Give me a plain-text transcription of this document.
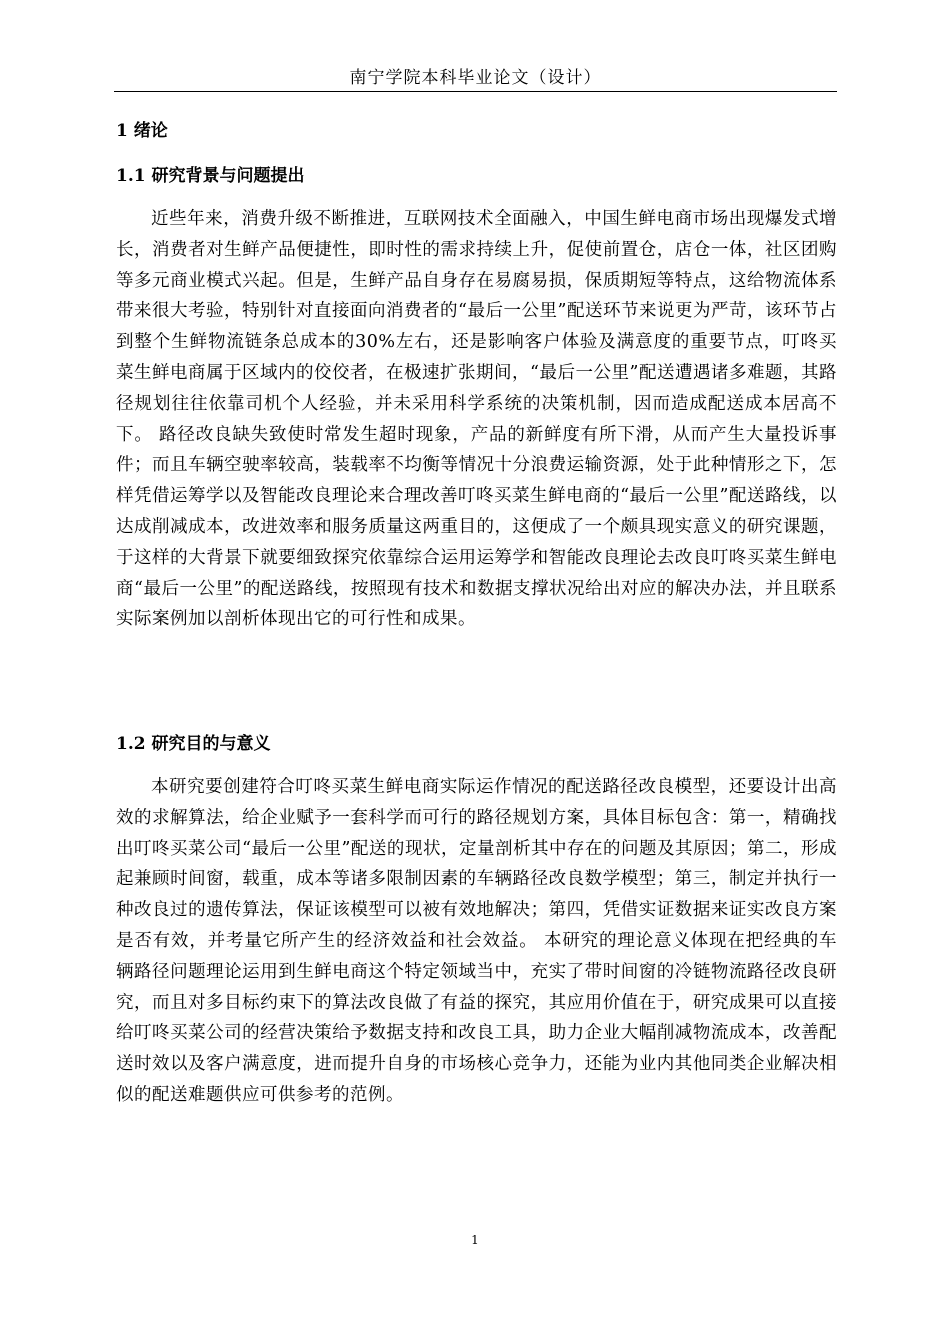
南宁学院本科毕业论文（设计）
1 绪论
1.1 研究背景与问题提出

近些年来，消费升级不断推进，互联网技术全面融入，中国生鲜电商市场出现爆发式增长，消费者对生鲜产品便捷性，即时性的需求持续上升，促使前置仓，店仓一体，社区团购等多元商业模式兴起。但是，生鲜产品自身存在易腐易损，保质期短等特点，这给物流体系带来很大考验，特别针对直接面向消费者的“最后一公里”配送环节来说更为严苛，该环节占到整个生鲜物流链条总成本的30%左右，还是影响客户体验及满意度的重要节点，叮咚买菜生鲜电商属于区域内的佼佼者，在极速扩张期间，“最后一公里”配送遭遇诸多难题，其路径规划往往依靠司机个人经验，并未采用科学系统的决策机制，因而造成配送成本居高不下。 路径改良缺失致使时常发生超时现象，产品的新鲜度有所下滑，从而产生大量投诉事件；而且车辆空驶率较高，装载率不均衡等情况十分浪费运输资源，处于此种情形之下，怎样凭借运筹学以及智能改良理论来合理改善叮咚买菜生鲜电商的“最后一公里”配送路线，以达成削减成本，改进效率和服务质量这两重目的，这便成了一个颇具现实意义的研究课题，于这样的大背景下就要细致探究依靠综合运用运筹学和智能改良理论去改良叮咚买菜生鲜电商“最后一公里”的配送路线，按照现有技术和数据支撑状况给出对应的解决办法，并且联系实际案例加以剖析体现出它的可行性和成果。

1.2 研究目的与意义

本研究要创建符合叮咚买菜生鲜电商实际运作情况的配送路径改良模型，还要设计出高效的求解算法，给企业赋予一套科学而可行的路径规划方案，具体目标包含：第一，精确找出叮咚买菜公司“最后一公里”配送的现状，定量剖析其中存在的问题及其原因；第二，形成起兼顾时间窗，载重，成本等诸多限制因素的车辆路径改良数学模型；第三，制定并执行一种改良过的遗传算法，保证该模型可以被有效地解决；第四，凭借实证数据来证实改良方案是否有效，并考量它所产生的经济效益和社会效益。 本研究的理论意义体现在把经典的车辆路径问题理论运用到生鲜电商这个特定领域当中，充实了带时间窗的冷链物流路径改良研究，而且对多目标约束下的算法改良做了有益的探究，其应用价值在于，研究成果可以直接给叮咚买菜公司的经营决策给予数据支持和改良工具，助力企业大幅削减物流成本，改善配送时效以及客户满意度，进而提升自身的市场核心竞争力，还能为业内其他同类企业解决相似的配送难题供应可供参考的范例。

1
